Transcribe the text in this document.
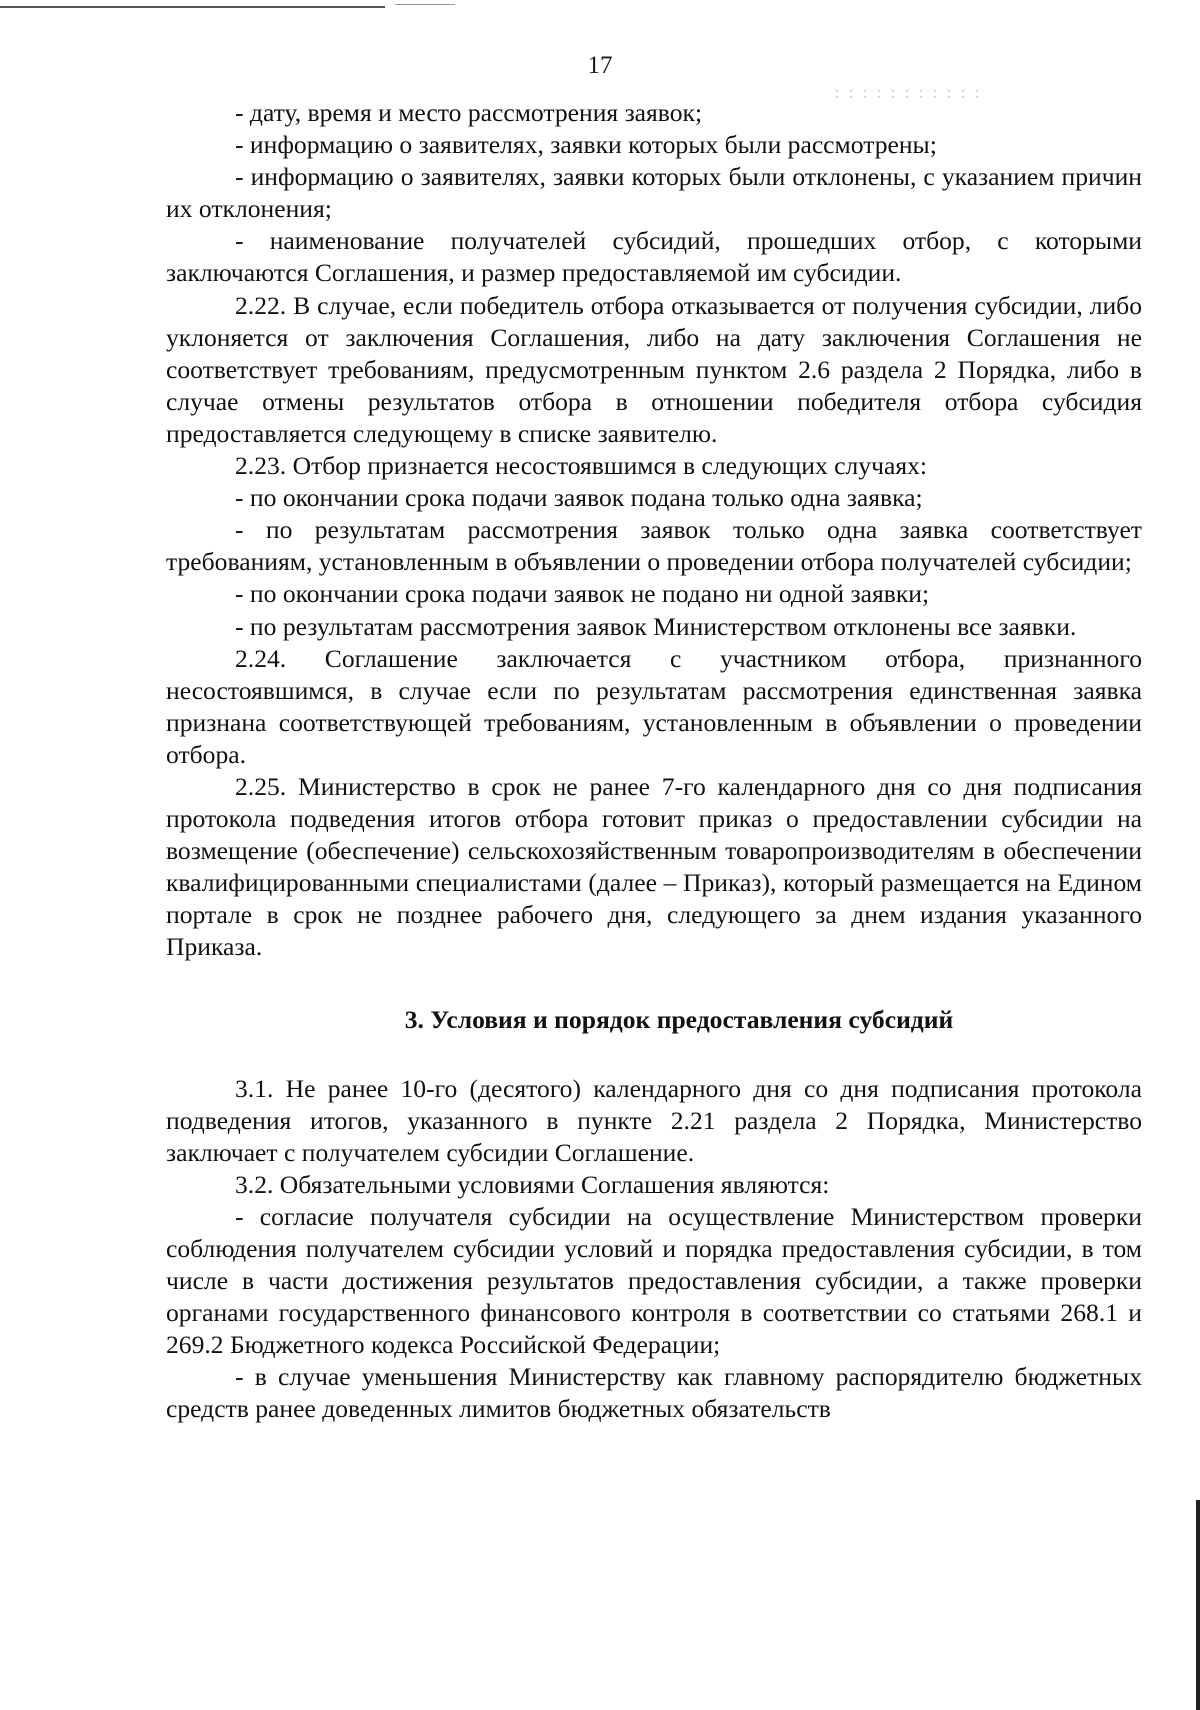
17

- дату, время и место рассмотрения заявок;

- информацию о заявителях, заявки которых были рассмотрены;

- информацию о заявителях, заявки которых были отклонены, с указанием причин их отклонения;

- наименование получателей субсидий, прошедших отбор, с которыми заключаются Соглашения, и размер предоставляемой им субсидии.

2.22. В случае, если победитель отбора отказывается от получения субсидии, либо уклоняется от заключения Соглашения, либо на дату заключения Соглашения не соответствует требованиям, предусмотренным пунктом 2.6 раздела 2 Порядка, либо в случае отмены результатов отбора в отношении победителя отбора субсидия предоставляется следующему в списке заявителю.

2.23. Отбор признается несостоявшимся в следующих случаях:

- по окончании срока подачи заявок подана только одна заявка;

- по результатам рассмотрения заявок только одна заявка соответствует требованиям, установленным в объявлении о проведении отбора получателей субсидии;

- по окончании срока подачи заявок не подано ни одной заявки;

- по результатам рассмотрения заявок Министерством отклонены все заявки.

2.24. Соглашение заключается с участником отбора, признанного несостоявшимся, в случае если по результатам рассмотрения единственная заявка признана соответствующей требованиям, установленным в объявлении о проведении отбора.

2.25. Министерство в срок не ранее 7-го календарного дня со дня подписания протокола подведения итогов отбора готовит приказ о предоставлении субсидии на возмещение (обеспечение) сельскохозяйственным товаропроизводителям в обеспечении квалифицированными специалистами (далее – Приказ), который размещается на Едином портале в срок не позднее рабочего дня, следующего за днем издания указанного Приказа.

3. Условия и порядок предоставления субсидий

3.1. Не ранее 10-го (десятого) календарного дня со дня подписания протокола подведения итогов, указанного в пункте 2.21 раздела 2 Порядка, Министерство заключает с получателем субсидии Соглашение.

3.2. Обязательными условиями Соглашения являются:

- согласие получателя субсидии на осуществление Министерством проверки соблюдения получателем субсидии условий и порядка предоставления субсидии, в том числе в части достижения результатов предоставления субсидии, а также проверки органами государственного финансового контроля в соответствии со статьями 268.1 и 269.2 Бюджетного кодекса Российской Федерации;

- в случае уменьшения Министерству как главному распорядителю бюджетных средств ранее доведенных лимитов бюджетных обязательств
